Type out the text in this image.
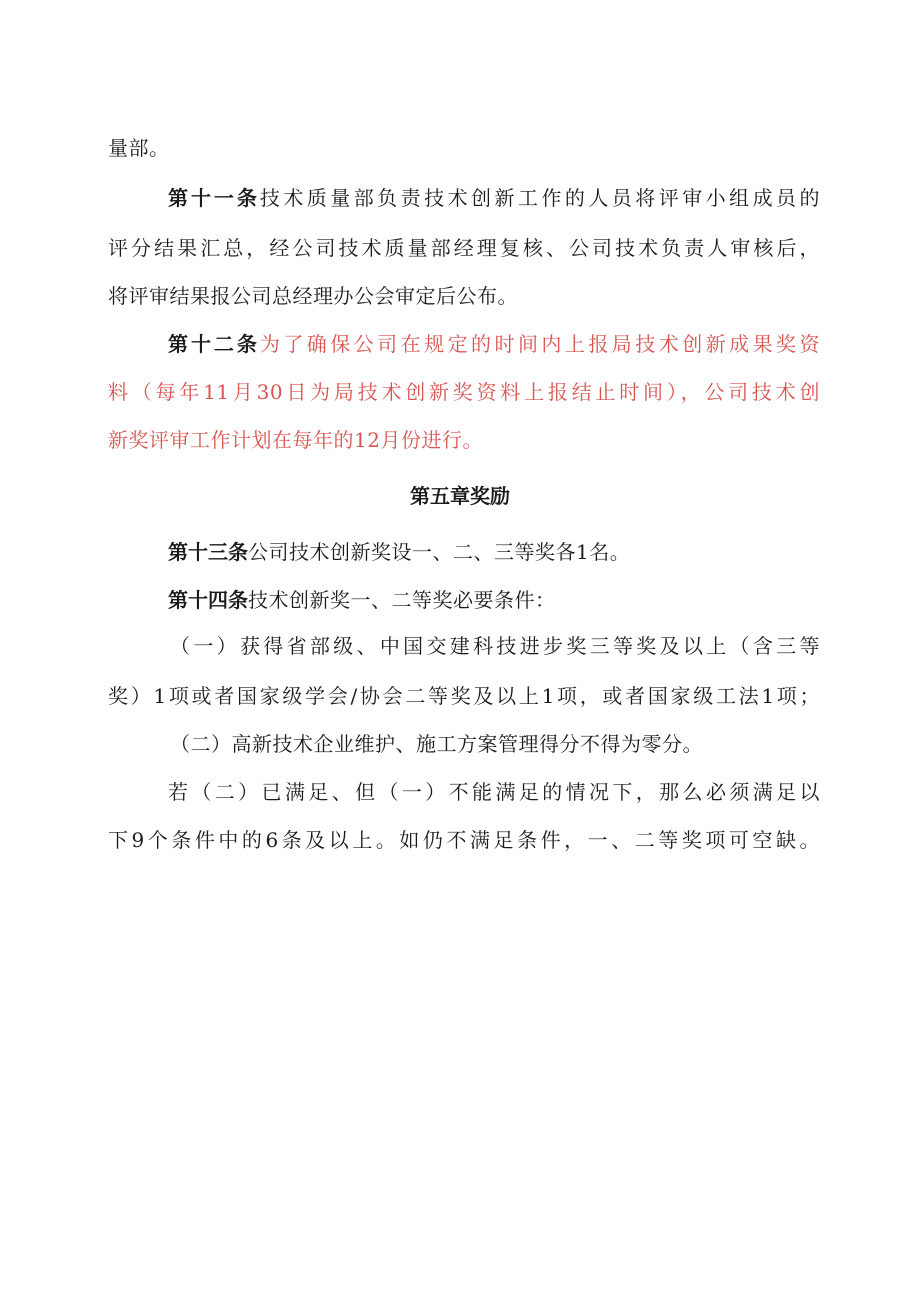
量部。
第十一条技术质量部负责技术创新工作的人员将评审小组成员的
评分结果汇总，经公司技术质量部经理复核、公司技术负责人审核后，
将评审结果报公司总经理办公会审定后公布。
第十二条为了确保公司在规定的时间内上报局技术创新成果奖资
料（每年11月30日为局技术创新奖资料上报结止时间），公司技术创
新奖评审工作计划在每年的12月份进行。
第五章奖励
第十三条公司技术创新奖设一、二、三等奖各1名。
第十四条技术创新奖一、二等奖必要条件：
（一）获得省部级、中国交建科技进步奖三等奖及以上（含三等
奖）1项或者国家级学会/协会二等奖及以上1项，或者国家级工法1项；
（二）高新技术企业维护、施工方案管理得分不得为零分。
若（二）已满足、但（一）不能满足的情况下，那么必须满足以
下9个条件中的6条及以上。如仍不满足条件，一、二等奖项可空缺。
